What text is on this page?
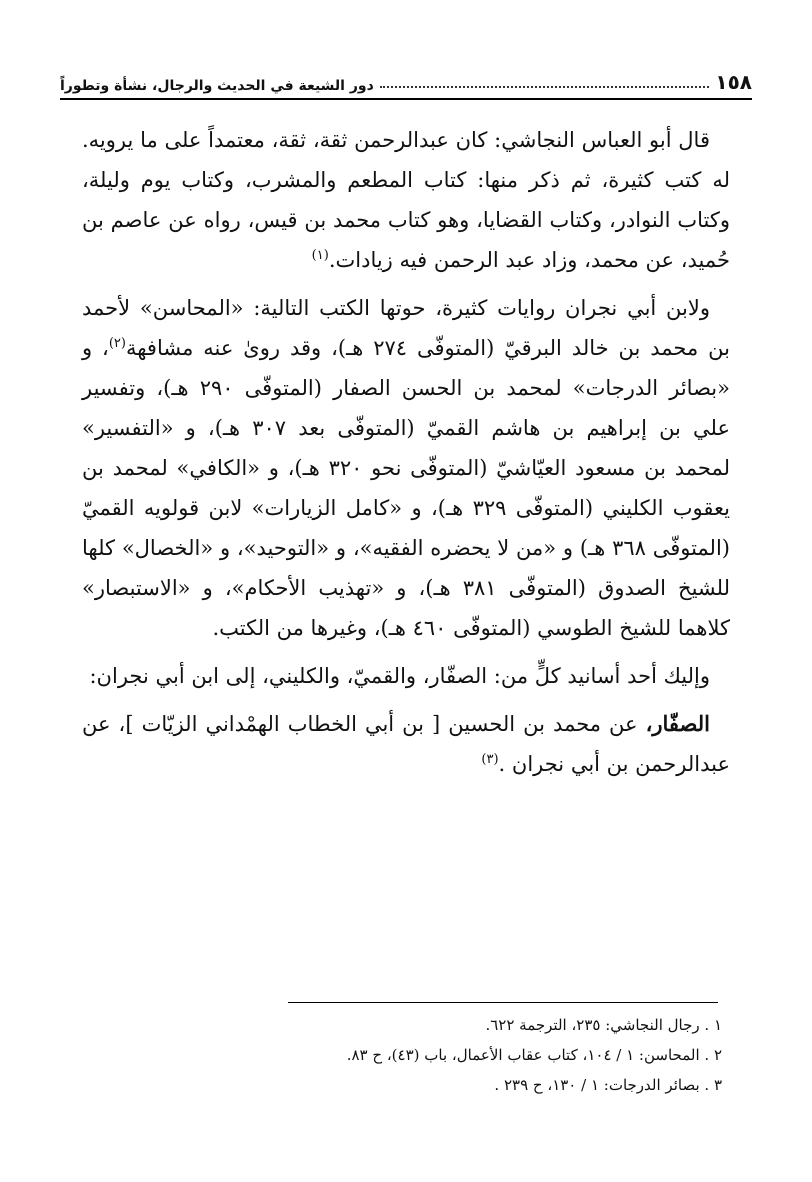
١٥٨
دور الشيعة في الحديث والرجال، نشأة وتطوراً

قال أبو العباس النجاشي: كان عبدالرحمن ثقة، ثقة، معتمداً على ما يرويه. له كتب كثيرة، ثم ذكر منها: كتاب المطعم والمشرب، وكتاب يوم وليلة، وكتاب النوادر، وكتاب القضايا، وهو كتاب محمد بن قيس، رواه عن عاصم بن حُميد، عن محمد، وزاد عبد الرحمن فيه زيادات.$^{(١)}$

ولابن أبي نجران روايات كثيرة، حوتها الكتب التالية: «المحاسن» لأحمد بن محمد بن خالد البرقيّ (المتوفّى ٢٧٤ هـ)، وقد روىٰ عنه مشافهة$^{(٢)}$، و «بصائر الدرجات» لمحمد بن الحسن الصفار (المتوفّى ٢٩٠ هـ)، وتفسير علي بن إبراهيم بن هاشم القميّ (المتوفّى بعد ٣٠٧ هـ)، و «التفسير» لمحمد بن مسعود العيّاشيّ (المتوفّى نحو ٣٢٠ هـ)، و «الكافي» لمحمد بن يعقوب الكليني (المتوفّى ٣٢٩ هـ)، و «كامل الزيارات» لابن قولويه القميّ (المتوفّى ٣٦٨ هـ) و «من لا يحضره الفقيه»، و «التوحيد»، و «الخصال» كلها للشيخ الصدوق (المتوفّى ٣٨١ هـ)، و «تهذيب الأحكام»، و «الاستبصار» كلاهما للشيخ الطوسي (المتوفّى ٤٦٠ هـ)، وغيرها من الكتب.

وإليك أحد أسانيد كلٍّ من: الصفّار، والقميّ، والكليني، إلى ابن أبي نجران:

الصفّار، عن محمد بن الحسين [ بن أبي الخطاب الهمْداني الزيّات ]، عن عبدالرحمن بن أبي نجران .$^{(٣)}$

١ . رجال النجاشي: ٢٣٥، الترجمة ٦٢٢.
٢ . المحاسن: ١ / ١٠٤، كتاب عقاب الأعمال، باب (٤٣)، ح ٨٣.
٣ . بصائر الدرجات: ١ / ١٣٠، ح ٢٣٩ .
